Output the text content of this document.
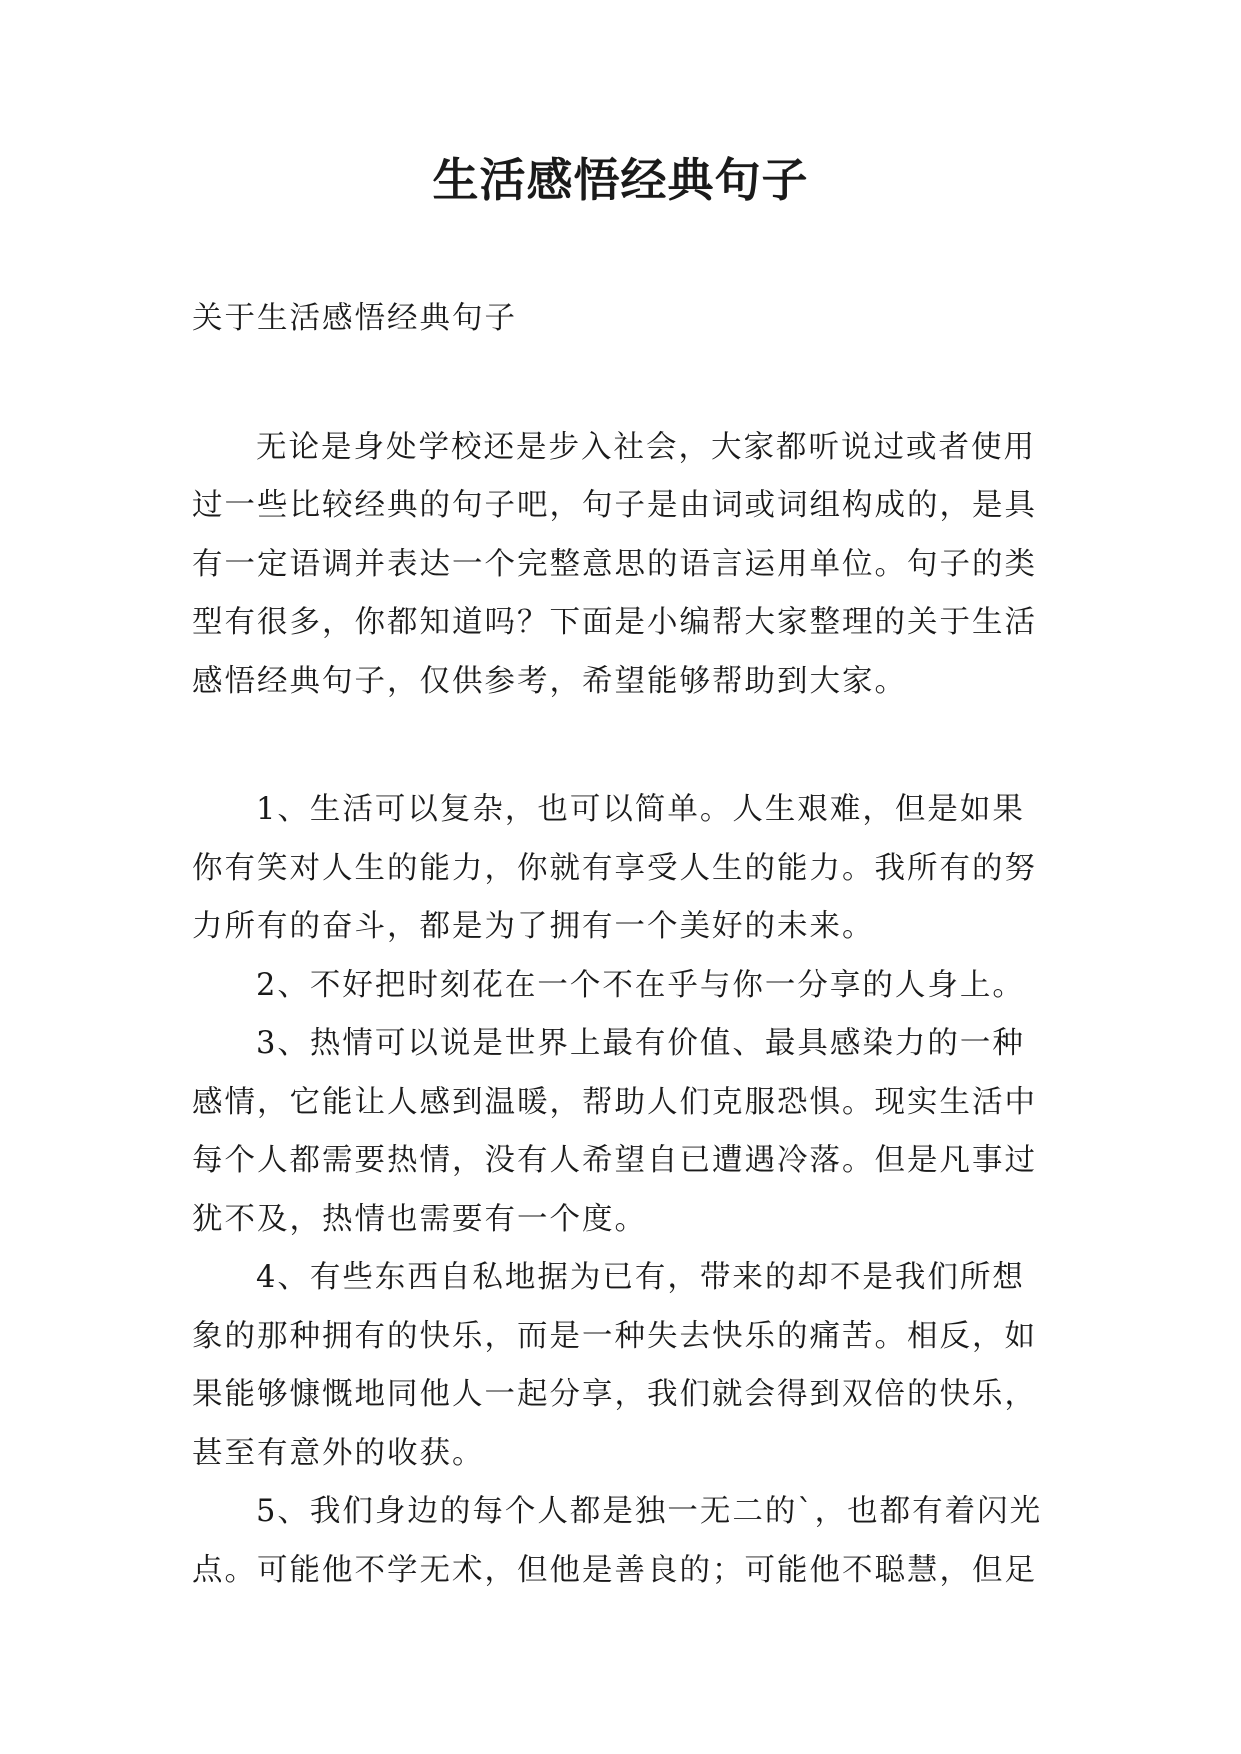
生活感悟经典句子

关于生活感悟经典句子

无论是身处学校还是步入社会，大家都听说过或者使用过一些比较经典的句子吧，句子是由词或词组构成的，是具有一定语调并表达一个完整意思的语言运用单位。句子的类型有很多，你都知道吗？下面是小编帮大家整理的关于生活感悟经典句子，仅供参考，希望能够帮助到大家。

1、生活可以复杂，也可以简单。人生艰难，但是如果你有笑对人生的能力，你就有享受人生的能力。我所有的努力所有的奋斗，都是为了拥有一个美好的未来。

2、不好把时刻花在一个不在乎与你一分享的人身上。

3、热情可以说是世界上最有价值、最具感染力的一种感情，它能让人感到温暖，帮助人们克服恐惧。现实生活中每个人都需要热情，没有人希望自已遭遇冷落。但是凡事过犹不及，热情也需要有一个度。

4、有些东西自私地据为已有，带来的却不是我们所想象的那种拥有的快乐，而是一种失去快乐的痛苦。相反，如果能够慷慨地同他人一起分享，我们就会得到双倍的快乐，甚至有意外的收获。

5、我们身边的每个人都是独一无二的`，也都有着闪光点。可能他不学无术，但他是善良的；可能他不聪慧，但足
